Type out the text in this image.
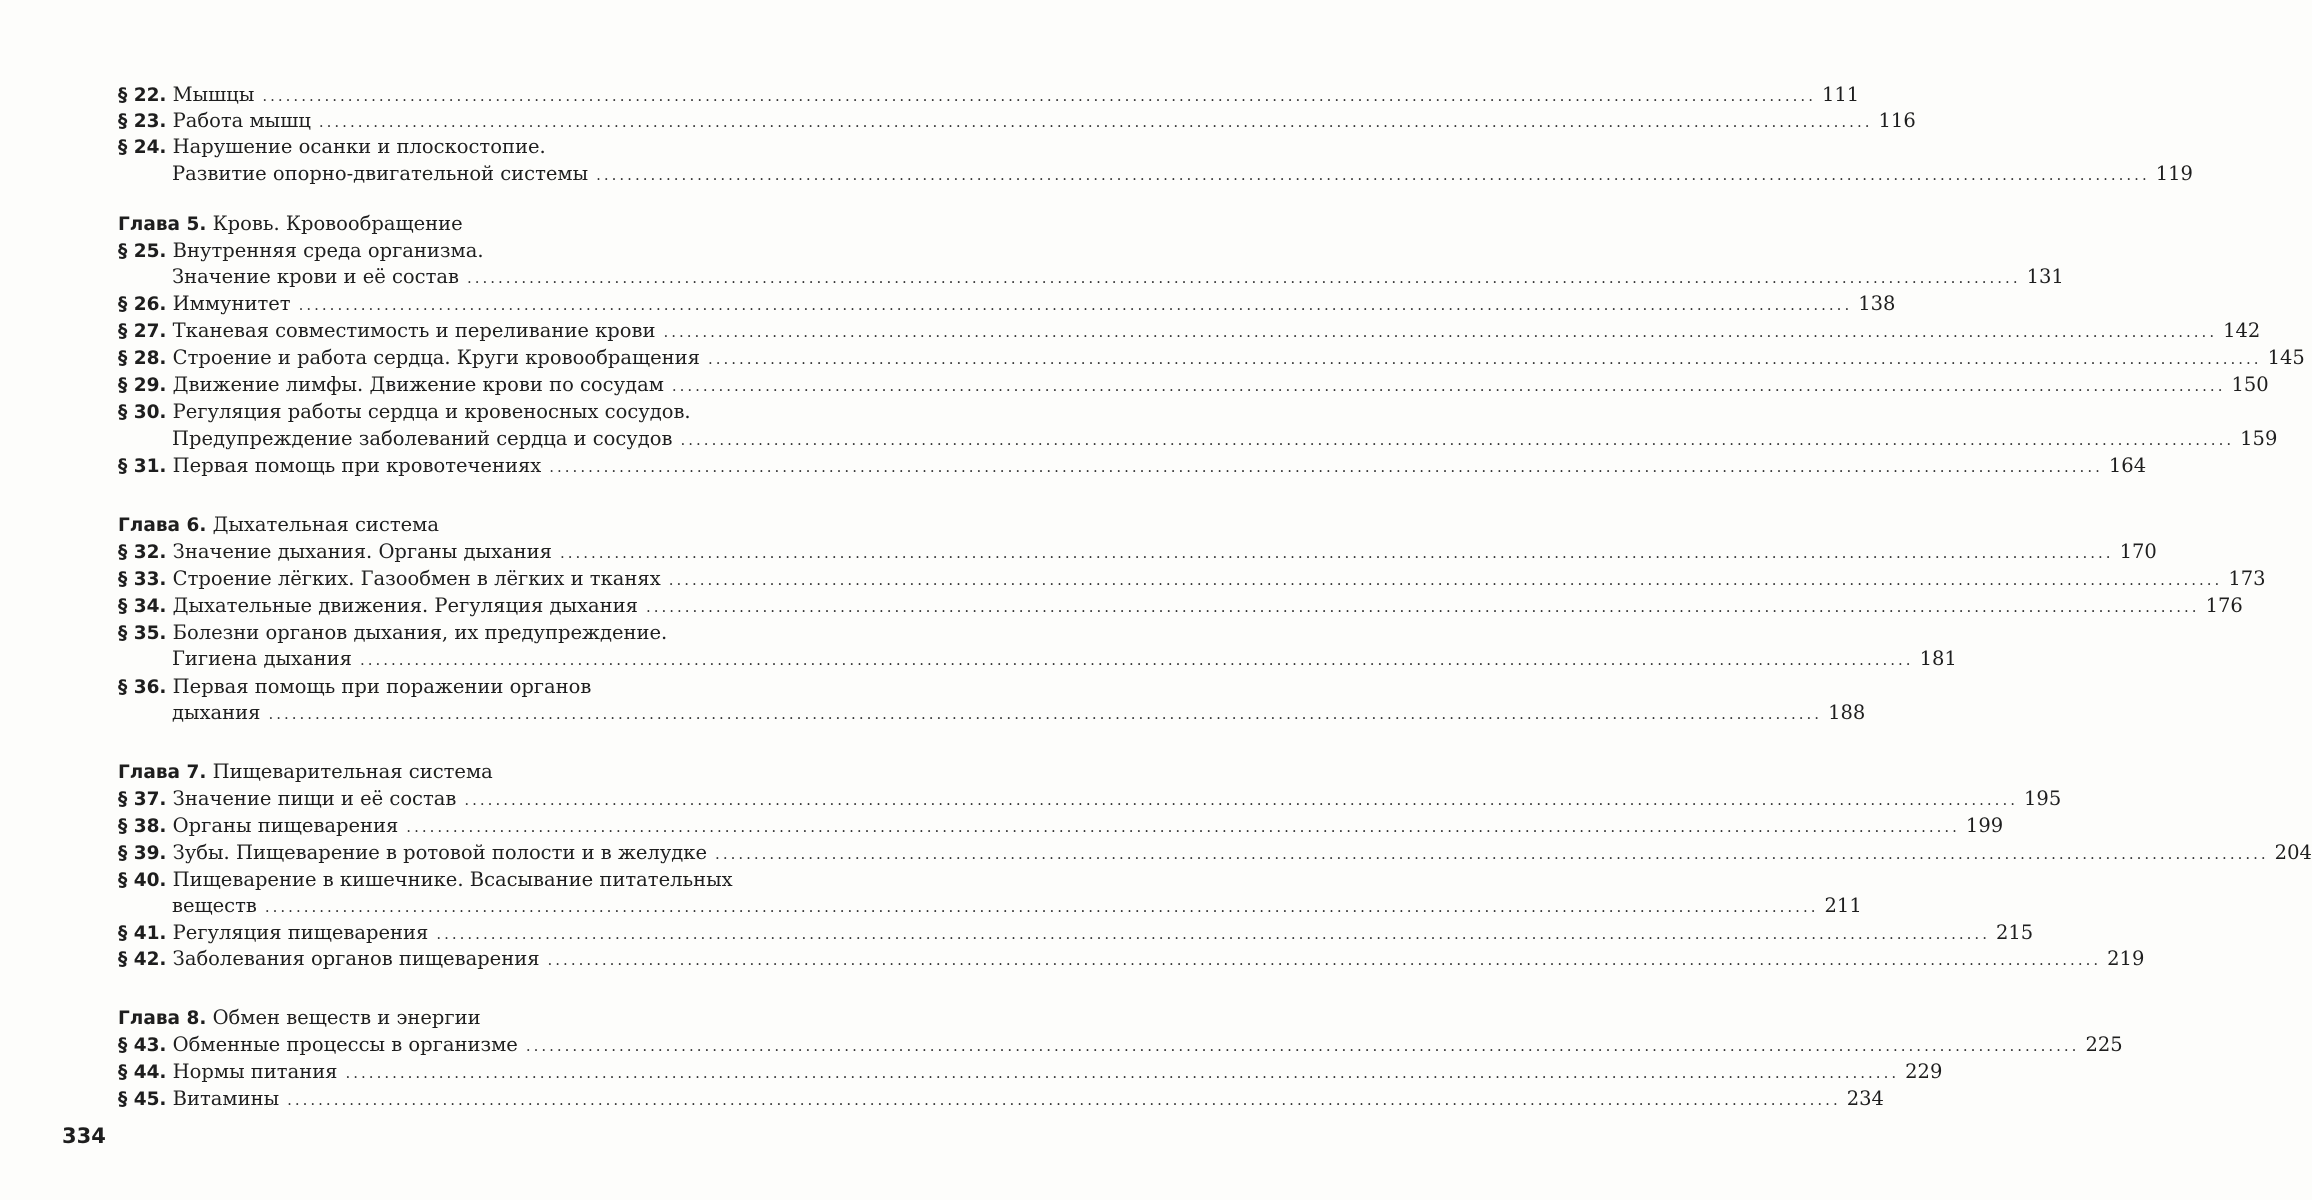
§ 22. Мышцы ........................................................................................................................................................................................................ 111
§ 23. Работа мышц ........................................................................................................................................................................................................ 116
§ 24. Нарушение осанки и плоскостопие.
Развитие опорно-двигательной системы ........................................................................................................................................................................................................ 119
Глава 5. Кровь. Кровообращение
§ 25. Внутренняя среда организма.
Значение крови и её состав ........................................................................................................................................................................................................ 131
§ 26. Иммунитет ........................................................................................................................................................................................................ 138
§ 27. Тканевая совместимость и переливание крови ........................................................................................................................................................................................................ 142
§ 28. Строение и работа сердца. Круги кровообращения ........................................................................................................................................................................................................ 145
§ 29. Движение лимфы. Движение крови по сосудам ........................................................................................................................................................................................................ 150
§ 30. Регуляция работы сердца и кровеносных сосудов.
Предупреждение заболеваний сердца и сосудов ........................................................................................................................................................................................................ 159
§ 31. Первая помощь при кровотечениях ........................................................................................................................................................................................................ 164
Глава 6. Дыхательная система
§ 32. Значение дыхания. Органы дыхания ........................................................................................................................................................................................................ 170
§ 33. Строение лёгких. Газообмен в лёгких и тканях ........................................................................................................................................................................................................ 173
§ 34. Дыхательные движения. Регуляция дыхания ........................................................................................................................................................................................................ 176
§ 35. Болезни органов дыхания, их предупреждение.
Гигиена дыхания ........................................................................................................................................................................................................ 181
§ 36. Первая помощь при поражении органов
дыхания ........................................................................................................................................................................................................ 188
Глава 7. Пищеварительная система
§ 37. Значение пищи и её состав ........................................................................................................................................................................................................ 195
§ 38. Органы пищеварения ........................................................................................................................................................................................................ 199
§ 39. Зубы. Пищеварение в ротовой полости и в желудке ........................................................................................................................................................................................................ 204
§ 40. Пищеварение в кишечнике. Всасывание питательных
веществ ........................................................................................................................................................................................................ 211
§ 41. Регуляция пищеварения ........................................................................................................................................................................................................ 215
§ 42. Заболевания органов пищеварения ........................................................................................................................................................................................................ 219
Глава 8. Обмен веществ и энергии
§ 43. Обменные процессы в организме ........................................................................................................................................................................................................ 225
§ 44. Нормы питания ........................................................................................................................................................................................................ 229
§ 45. Витамины ........................................................................................................................................................................................................ 234
334
